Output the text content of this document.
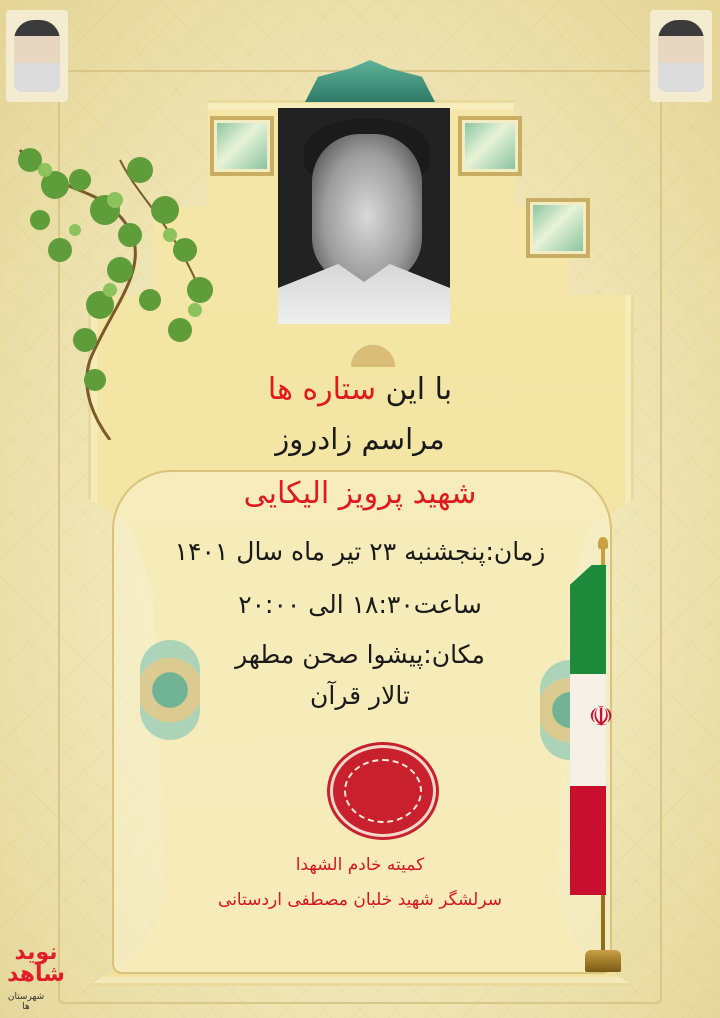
☫
با این ستاره ها
مراسم زادروز
شهید پرویز الیکایی
زمان:پنجشنبه ۲۳ تیر ماه سال ۱۴۰۱
ساعت۱۸:۳۰ الی ۲۰:۰۰
مکان:پیشوا صحن مطهر
تالار قرآن
کمیته خادم الشهدا
سرلشگر شهید خلبان مصطفی اردستانی
نوید شاهد
شهرستان ها
